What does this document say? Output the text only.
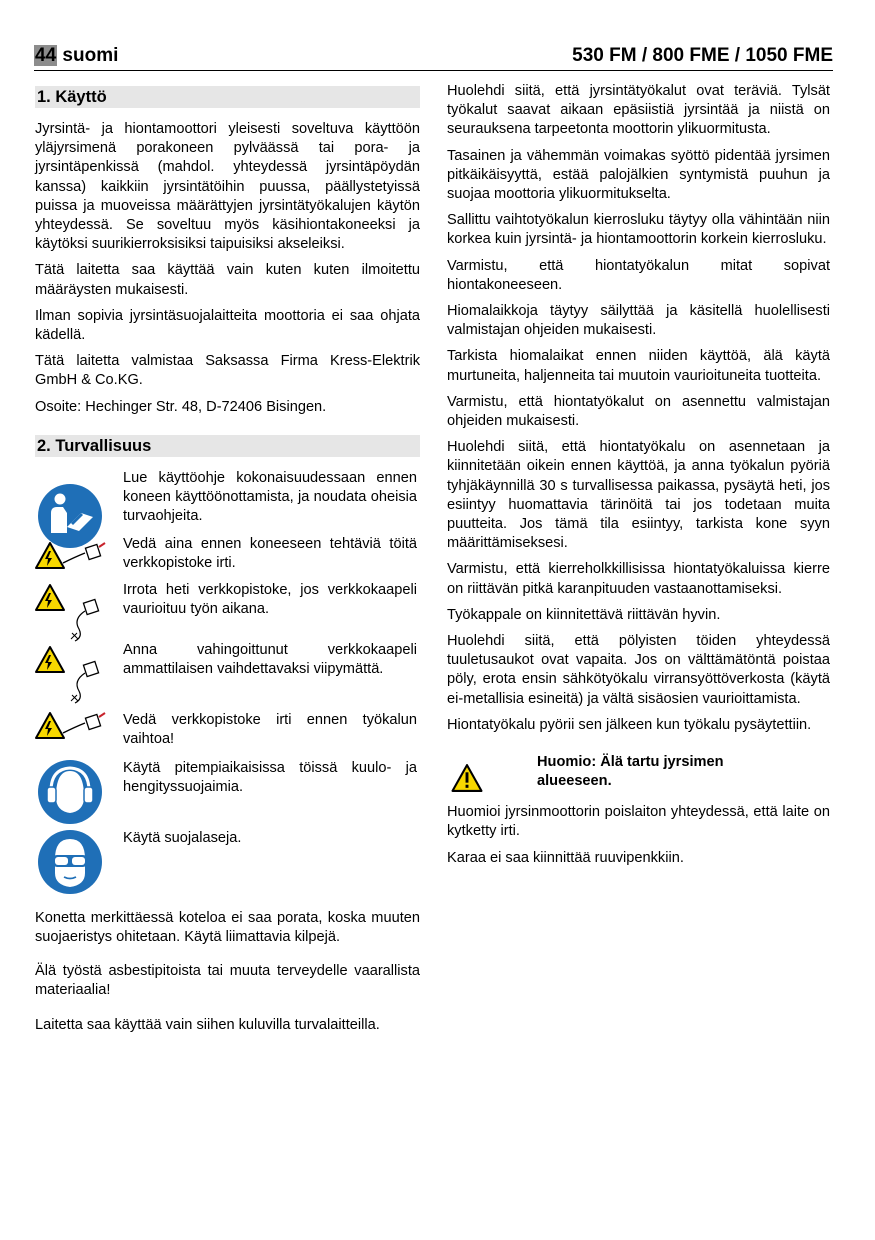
44 suomi	530 FM / 800 FME / 1050 FME
1. Käyttö

Jyrsintä- ja hiontamoottori yleisesti soveltuva käyttöön yläjyrsimenä porakoneen pylväässä tai pora- ja jyrsintäpenkissä (mahdol. yhteydessä jyrsintäpöydän kanssa) kaikkiin jyrsintätöihin puussa, päällystetyissä puissa ja muoveissa määrättyjen jyrsintätyökalujen käytön yhteydessä. Se soveltuu myös käsihiontakoneeksi ja käytöksi suurikierroksisiksi taipuisiksi akseleiksi.

Tätä laitetta saa käyttää vain kuten kuten ilmoitettu määräysten mukaisesti.

Ilman sopivia jyrsintäsuojalaitteita moottoria ei saa ohjata kädellä.

Tätä laitetta valmistaa Saksassa Firma Kress-Elektrik GmbH & Co.KG.

Osoite: Hechinger Str. 48, D-72406 Bisingen.

2. Turvallisuus
Lue käyttöohje kokonaisuudessaan ennen koneen käyttöönottamista, ja noudata oheisia turvaohjeita.
Vedä aina ennen koneeseen tehtäviä töitä verkkopistoke irti.
Irrota heti verkkopistoke, jos verkkokaapeli vaurioituu työn aikana.
Anna vahingoittunut verkkokaapeli ammattilaisen vaihdettavaksi viipymättä.
Vedä verkkopistoke irti ennen työkalun vaihtoa!
Käytä pitempiaikaisissa töissä kuulo- ja hengityssuojaimia.
Käytä suojalaseja.

Konetta merkittäessä koteloa ei saa porata, koska muuten suojaeristys ohitetaan. Käytä liimattavia kilpejä.

Älä työstä asbestipitoista tai muuta terveydelle vaarallista materiaalia!

Laitetta saa käyttää vain siihen kuluvilla turvalaitteilla.

Huolehdi siitä, että jyrsintätyökalut ovat teräviä. Tylsät työkalut saavat aikaan epäsiistiä jyrsintää ja niistä on seurauksena tarpeetonta moottorin ylikuormitusta.

Tasainen ja vähemmän voimakas syöttö pidentää jyrsimen pitkäikäisyyttä, estää palojälkien syntymistä puuhun ja suojaa moottoria ylikuormitukselta.

Sallittu vaihtotyökalun kierrosluku täytyy olla vähintään niin korkea kuin jyrsintä- ja hiontamoottorin korkein kierrosluku.

Varmistu, että hiontatyökalun mitat sopivat hiontakoneeseen.

Hiomalaikkoja täytyy säilyttää ja käsitellä huolellisesti valmistajan ohjeiden mukaisesti.

Tarkista hiomalaikat ennen niiden käyttöä, älä käytä murtuneita, haljenneita tai muutoin vaurioituneita tuotteita.

Varmistu, että hiontatyökalut on asennettu valmistajan ohjeiden mukaisesti.

Huolehdi siitä, että hiontatyökalu on asennetaan ja kiinnitetään oikein ennen käyttöä, ja anna työkalun pyöriä tyhjäkäynnillä 30 s turvallisessa paikassa, pysäytä heti, jos esiintyy huomattavia tärinöitä tai jos todetaan muita puutteita. Jos tämä tila esiintyy, tarkista kone syyn määrittämiseksesi.

Varmistu, että kierreholkkillisissa hiontatyökaluissa kierre on riittävän pitkä karanpituuden vastaanottamiseksi.

Työkappale on kiinnitettävä riittävän hyvin.

Huolehdi siitä, että pölyisten töiden yhteydessä tuuletusaukot ovat vapaita. Jos on välttämätöntä poistaa pöly, erota ensin sähkötyökalu virransyöttöverkosta (käytä ei-metallisia esineitä) ja vältä sisäosien vaurioittamista.

Hiontatyökalu pyörii sen jälkeen kun työkalu pysäytettiin.

Huomio: Älä tartu jyrsimen alueeseen.

Huomioi jyrsinmoottorin poislaiton yhteydessä, että laite on kytketty irti.

Karaa ei saa kiinnittää ruuvipenkkiin.
